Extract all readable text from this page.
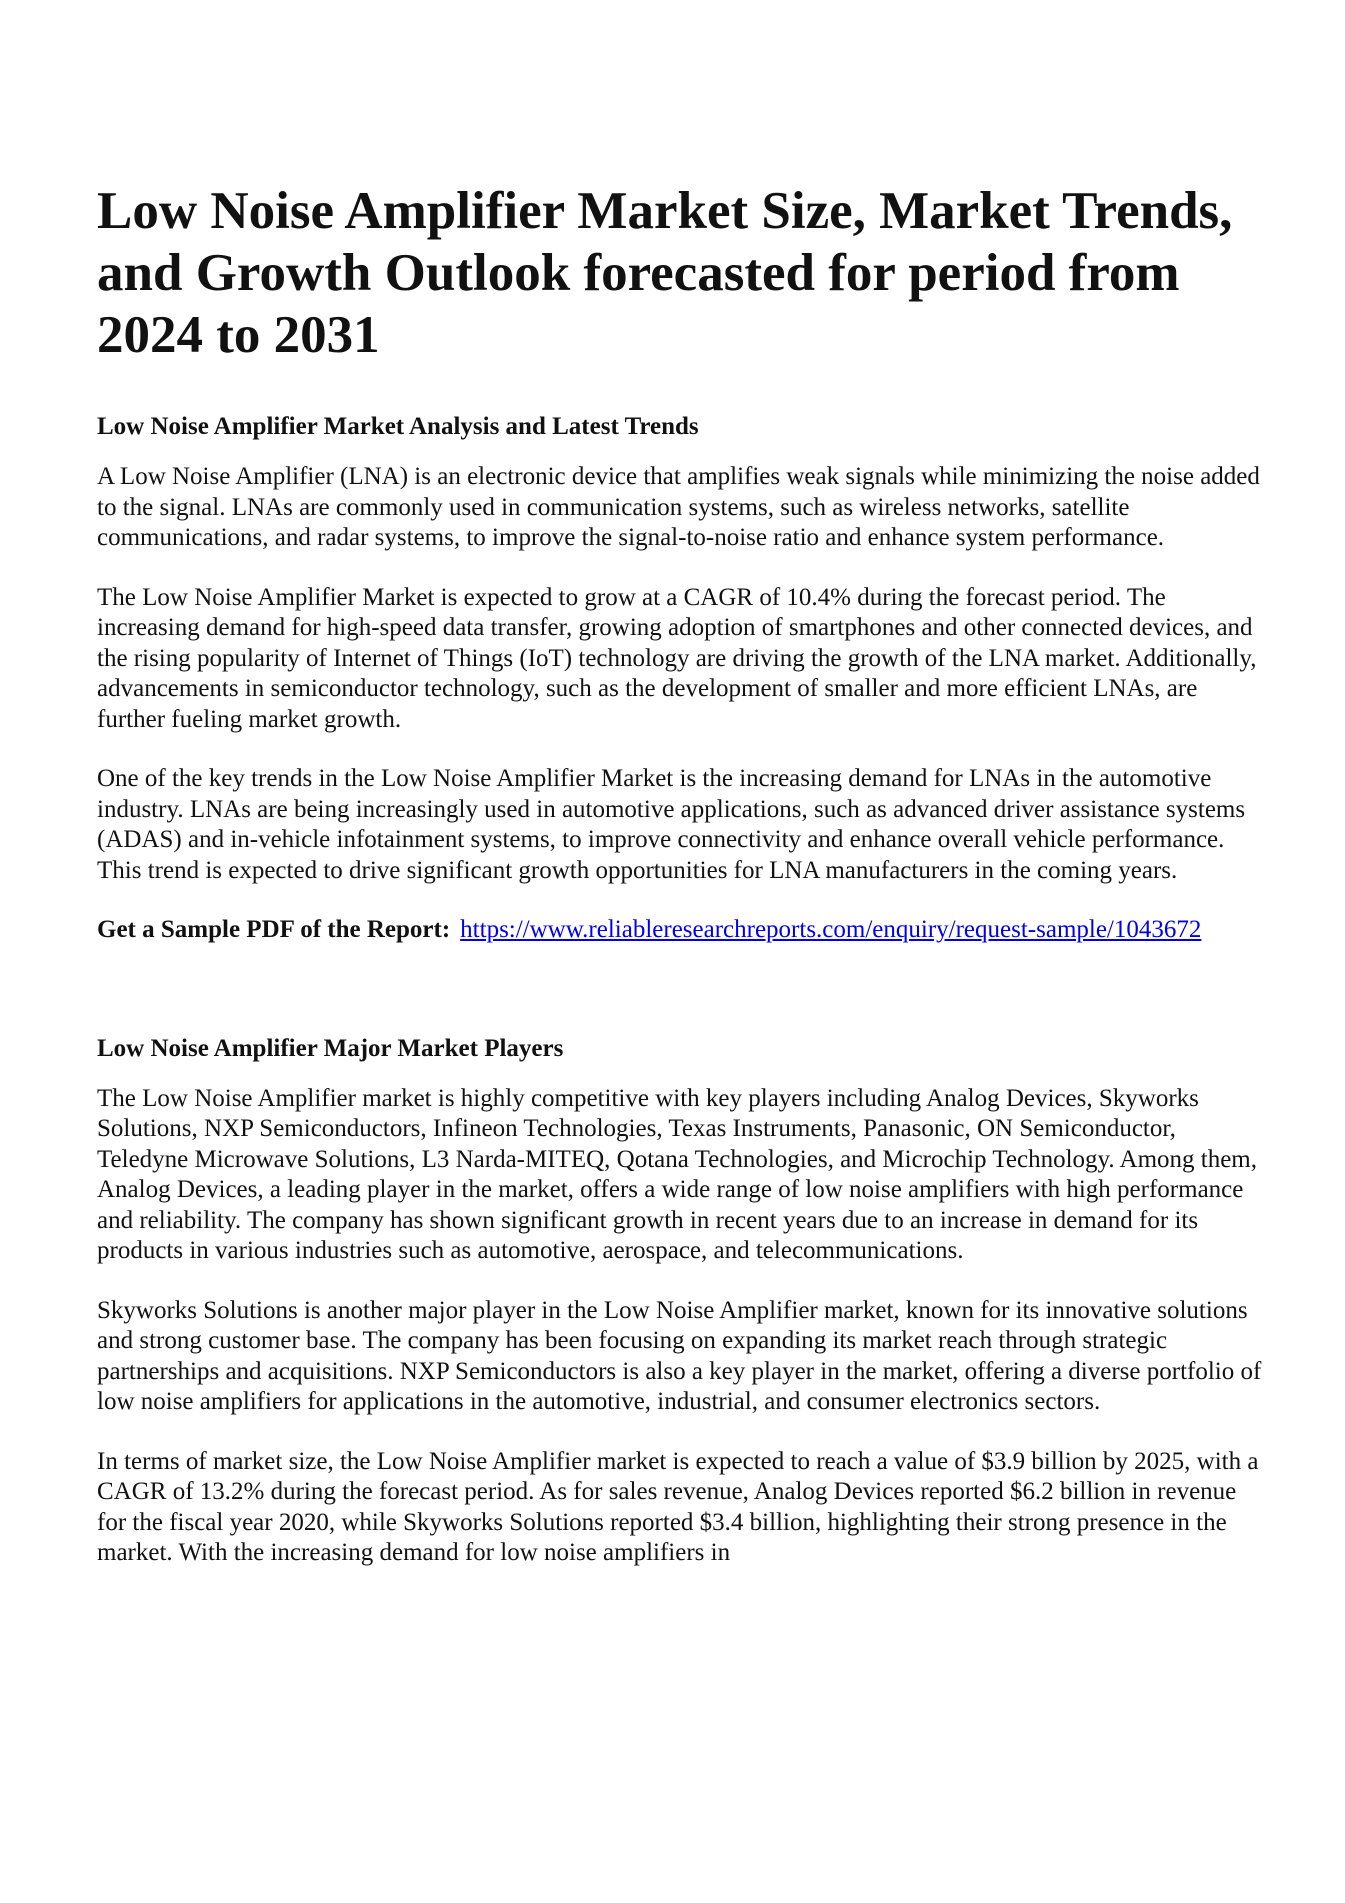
Low Noise Amplifier Market Size, Market Trends, and Growth Outlook forecasted for period from 2024 to 2031
Low Noise Amplifier Market Analysis and Latest Trends

A Low Noise Amplifier (LNA) is an electronic device that amplifies weak signals while minimizing the noise added to the signal. LNAs are commonly used in communication systems, such as wireless networks, satellite communications, and radar systems, to improve the signal-to-noise ratio and enhance system performance.

The Low Noise Amplifier Market is expected to grow at a CAGR of 10.4% during the forecast period. The increasing demand for high-speed data transfer, growing adoption of smartphones and other connected devices, and the rising popularity of Internet of Things (IoT) technology are driving the growth of the LNA market. Additionally, advancements in semiconductor technology, such as the development of smaller and more efficient LNAs, are further fueling market growth.

One of the key trends in the Low Noise Amplifier Market is the increasing demand for LNAs in the automotive industry. LNAs are being increasingly used in automotive applications, such as advanced driver assistance systems (ADAS) and in-vehicle infotainment systems, to improve connectivity and enhance overall vehicle performance. This trend is expected to drive significant growth opportunities for LNA manufacturers in the coming years.

Get a Sample PDF of the Report: https://www.reliableresearchreports.com/enquiry/request-sample/1043672
Low Noise Amplifier Major Market Players

The Low Noise Amplifier market is highly competitive with key players including Analog Devices, Skyworks Solutions, NXP Semiconductors, Infineon Technologies, Texas Instruments, Panasonic, ON Semiconductor, Teledyne Microwave Solutions, L3 Narda-MITEQ, Qotana Technologies, and Microchip Technology. Among them, Analog Devices, a leading player in the market, offers a wide range of low noise amplifiers with high performance and reliability. The company has shown significant growth in recent years due to an increase in demand for its products in various industries such as automotive, aerospace, and telecommunications.

Skyworks Solutions is another major player in the Low Noise Amplifier market, known for its innovative solutions and strong customer base. The company has been focusing on expanding its market reach through strategic partnerships and acquisitions. NXP Semiconductors is also a key player in the market, offering a diverse portfolio of low noise amplifiers for applications in the automotive, industrial, and consumer electronics sectors.

In terms of market size, the Low Noise Amplifier market is expected to reach a value of $3.9 billion by 2025, with a CAGR of 13.2% during the forecast period. As for sales revenue, Analog Devices reported $6.2 billion in revenue for the fiscal year 2020, while Skyworks Solutions reported $3.4 billion, highlighting their strong presence in the market. With the increasing demand for low noise amplifiers in
